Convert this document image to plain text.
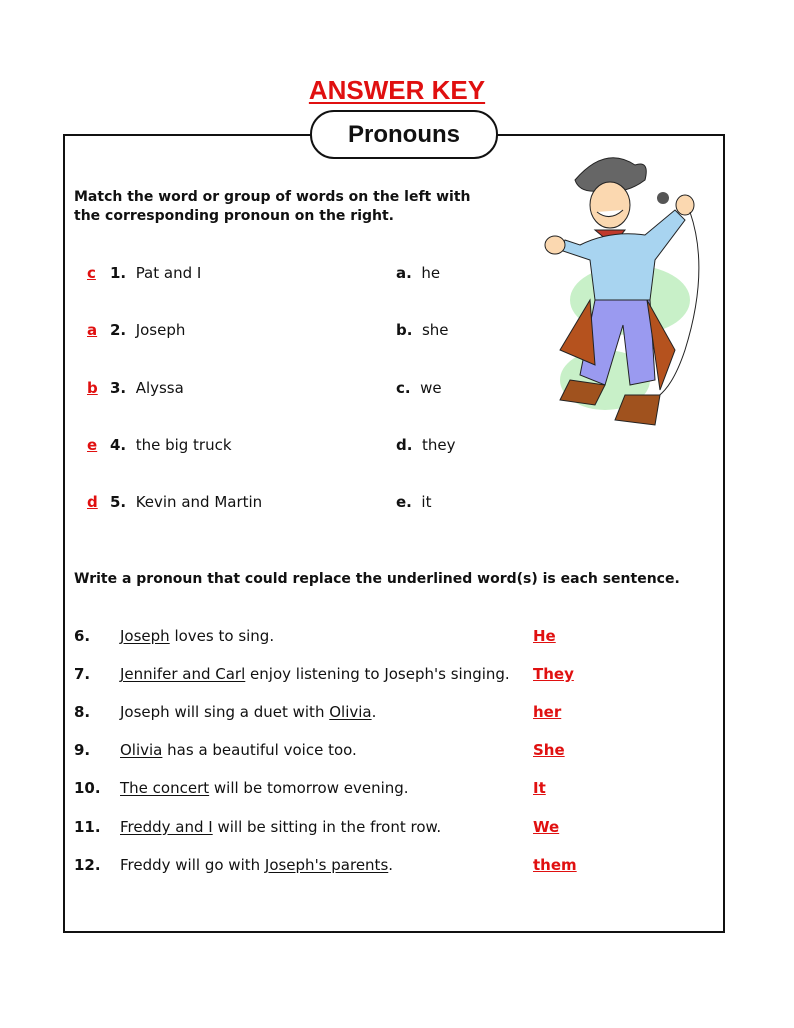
ANSWER KEY
Pronouns
Match the word or group of words on the left with the corresponding pronoun on the right.
c 1. Pat and I	a. he
a 2. Joseph	b. she
b 3. Alyssa	c. we
e 4. the big truck	d. they
d 5. Kevin and Martin	e. it
Write a pronoun that could replace the underlined word(s) is each sentence.
6. Joseph loves to sing.	He
7. Jennifer and Carl enjoy listening to Joseph's singing. They
8. Joseph will sing a duet with Olivia.	her
9. Olivia has a beautiful voice too.	She
10. The concert will be tomorrow evening.	It
11. Freddy and I will be sitting in the front row.	We
12. Freddy will go with Joseph's parents.	them
